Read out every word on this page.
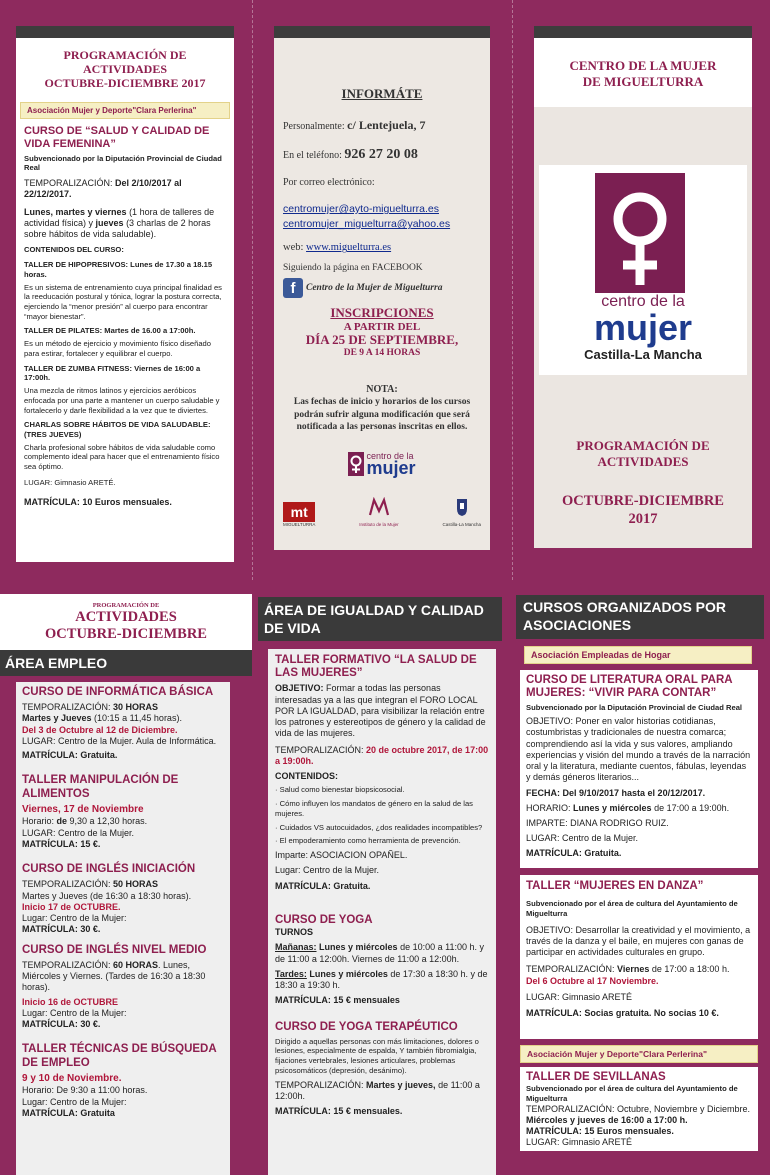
PROGRAMACIÓN DE
ACTIVIDADES
OCTUBRE-DICIEMBRE 2017
Asociación Mujer y Deporte"Clara Perlerina"
CURSO DE “SALUD Y CALIDAD DE VIDA FEMENINA”
Subvencionado por la Diputación Provincial de Ciudad Real
TEMPORALIZACIÓN: Del 2/10/2017 al 22/12/2017.
Lunes, martes y viernes (1 hora de talleres de actividad física) y jueves (3 charlas de 2 horas sobre hábitos de vida saludable).
CONTENIDOS DEL CURSO:
TALLER DE HIPOPRESIVOS: Lunes de 17.30 a 18.15 horas.
Es un sistema de entrenamiento cuya principal finalidad es la reeducación postural y tónica, lograr la postura correcta, ejerciendo la “menor presión” al cuerpo para encontrar “mayor bienestar”.
TALLER DE PILATES: Martes de 16.00 a 17:00h.
Es un método de ejercicio y movimiento físico diseñado para estirar, fortalecer y equilibrar el cuerpo.
TALLER DE ZUMBA FITNESS: Viernes de 16:00 a 17:00h.
Una mezcla de ritmos latinos y ejercicios aeróbicos enfocada por una parte a mantener un cuerpo saludable y fortalecerlo y darle flexibilidad a la vez que te diviertes.
CHARLAS SOBRE HÁBITOS DE VIDA SALUDABLE: (TRES JUEVES)
Charla profesional sobre hábitos de vida saludable como complemento ideal para hacer que el entrenamiento físico sea óptimo.
LUGAR: Gimnasio ARETÉ.
MATRÍCULA: 10 Euros mensuales.
INFORMÁTE
Personalmente: c/ Lentejuela, 7
En el teléfono: 926 27 20 08
Por correo electrónico:
centromujer@ayto-miguelturra.es
centromujer_miguelturra@yahoo.es
web: www.miguelturra.es
Siguiendo la página en FACEBOOK
f	Centro de la Mujer de Miguelturra
INSCRIPCIONES
A PARTIR DEL
DÍA 25 DE SEPTIEMBRE,
DE 9 A 14 HORAS
NOTA:
Las fechas de inicio y horarios de los cursos podrán sufrir alguna modificación que será notificada a las personas inscritas en ellos.
centro de la
mujer
mt
MIGUELTURRA	Instituto de la Mujer	Castilla-La Mancha
CENTRO DE LA MUJER
DE MIGUELTURRA
centro de la
mujer
Castilla-La Mancha
PROGRAMACIÓN DE
ACTIVIDADES
OCTUBRE-DICIEMBRE
2017
PROGRAMACIÓN DE
ACTIVIDADES
OCTUBRE-DICIEMBRE
ÁREA EMPLEO
CURSO DE INFORMÁTICA BÁSICA
TEMPORALIZACIÓN: 30 HORAS
Martes y Jueves (10:15 a 11,45 horas).
Del 3 de Octubre al 12 de Diciembre.
LUGAR: Centro de la Mujer. Aula de Informática.
MATRÍCULA: Gratuita.
TALLER MANIPULACIÓN DE ALIMENTOS
Viernes, 17 de Noviembre
Horario: de 9,30 a 12,30 horas.
LUGAR: Centro de la Mujer.
MATRÍCULA: 15 €.
CURSO DE INGLÉS INICIACIÓN
TEMPORALIZACIÓN: 50 HORAS
Martes y Jueves (de 16:30 a 18:30 horas).
Inicio 17 de OCTUBRE.
Lugar: Centro de la Mujer:
MATRÍCULA: 30 €.
CURSO DE INGLÉS NIVEL MEDIO
TEMPORALIZACIÓN: 60 HORAS. Lunes, Miércoles y Viernes. (Tardes de 16:30 a 18:30 horas).
Inicio 16 de OCTUBRE
Lugar: Centro de la Mujer:
MATRÍCULA: 30 €.
TALLER TÉCNICAS DE BÚSQUEDA DE EMPLEO
9 y 10 de Noviembre.
Horario: De 9:30 a 11:00 horas.
Lugar: Centro de la Mujer:
MATRÍCULA: Gratuita
ÁREA DE IGUALDAD Y CALIDAD DE VIDA
TALLER FORMATIVO “LA SALUD DE LAS MUJERES”
OBJETIVO: Formar a todas las personas interesadas ya a las que integran el FORO LOCAL POR LA IGUALDAD, para visibilizar la relación entre los patrones y estereotipos de género y la calidad de vida de las mujeres.
TEMPORALIZACIÓN: 20 de octubre 2017, de 17:00 a 19:00h.
CONTENIDOS:
· Salud como bienestar biopsicosocial.
· Cómo influyen los mandatos de género en la salud de las mujeres.
· Cuidados VS autocuidados, ¿dos realidades incompatibles?
· El empoderamiento como herramienta de prevención.
Imparte: ASOCIACION OPAÑEL.
Lugar: Centro de la Mujer.
MATRÍCULA: Gratuita.
CURSO DE YOGA
TURNOS
Mañanas: Lunes y miércoles de 10:00 a 11:00 h. y de 11:00 a 12:00h. Viernes de 11:00 a 12:00h.
Tardes: Lunes y miércoles de 17:30 a 18:30 h. y de 18:30 a 19:30 h.
MATRÍCULA: 15 € mensuales
CURSO DE YOGA TERAPÉUTICO
Dirigido a aquellas personas con más limitaciones, dolores o lesiones, especialmente de espalda, Y también fibromialgia, fijaciones vertebrales, lesiones articulares, problemas psicosomáticos (depresión, desánimo).
TEMPORALIZACIÓN: Martes y jueves, de 11:00 a 12:00h.
MATRÍCULA: 15 € mensuales.
CURSOS ORGANIZADOS POR ASOCIACIONES
Asociación Empleadas de Hogar
CURSO DE LITERATURA ORAL PARA MUJERES: “VIVIR PARA CONTAR”
Subvencionado por la Diputación Provincial de Ciudad Real
OBJETIVO: Poner en valor historias cotidianas, costumbristas y tradicionales de nuestra comarca; comprendiendo así la vida y sus valores, ampliando experiencias y visión del mundo a través de la narración oral y la literatura, mediante cuentos, fábulas, leyendas y demás géneros literarios...
FECHA: Del 9/10/2017 hasta el 20/12/2017.
HORARIO: Lunes y miércoles de 17:00 a 19:00h.
IMPARTE: DIANA RODRIGO RUIZ.
LUGAR: Centro de la Mujer.
MATRÍCULA: Gratuita.
TALLER “MUJERES EN DANZA”
Subvencionado por el área de cultura del Ayuntamiento de Miguelturra
OBJETIVO: Desarrollar la creatividad y el movimiento, a través de la danza y el baile, en mujeres con ganas de participar en actividades culturales en grupo.
TEMPORALIZACIÓN: Viernes de 17:00 a 18:00 h.
Del 6 Octubre al 17 Noviembre.
LUGAR: Gimnasio ARETÉ
MATRÍCULA: Socias gratuita. No socias 10 €.
Asociación Mujer y Deporte"Clara Perlerina"
TALLER DE SEVILLANAS
Subvencionado por el área de cultura del Ayuntamiento de Miguelturra
TEMPORALIZACIÓN: Octubre, Noviembre y Diciembre. Miércoles y jueves de 16:00 a 17:00 h.
MATRÍCULA: 15 Euros mensuales.
LUGAR: Gimnasio ARETÉ
